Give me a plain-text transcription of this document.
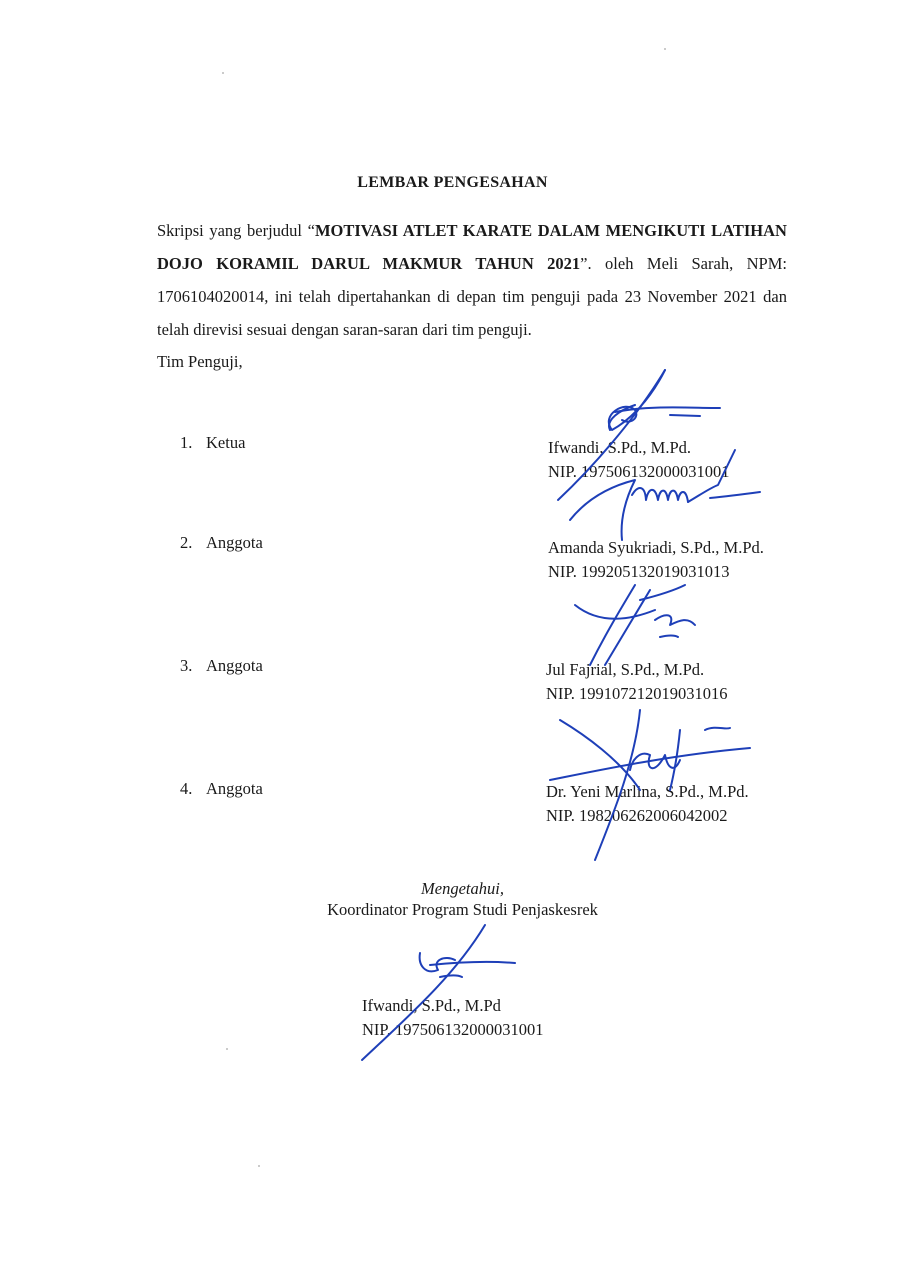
LEMBAR PENGESAHAN
Skripsi yang berjudul “MOTIVASI ATLET KARATE DALAM MENGIKUTI LATIHAN DOJO KORAMIL DARUL MAKMUR TAHUN 2021”. oleh Meli Sarah, NPM: 1706104020014, ini telah dipertahankan di depan tim penguji pada 23 November 2021 dan telah direvisi sesuai dengan saran-saran dari tim penguji.
Tim Penguji,
1. Ketua	Ifwandi, S.Pd., M.Pd.
NIP. 197506132000031001
2. Anggota	Amanda Syukriadi, S.Pd., M.Pd.
NIP. 199205132019031013
3. Anggota	Jul Fajrial, S.Pd., M.Pd.
NIP. 199107212019031016
4. Anggota	Dr. Yeni Marlina, S.Pd., M.Pd.
NIP. 198206262006042002
Mengetahui,
Koordinator Program Studi Penjaskesrek
Ifwandi, S.Pd., M.Pd
NIP. 197506132000031001
